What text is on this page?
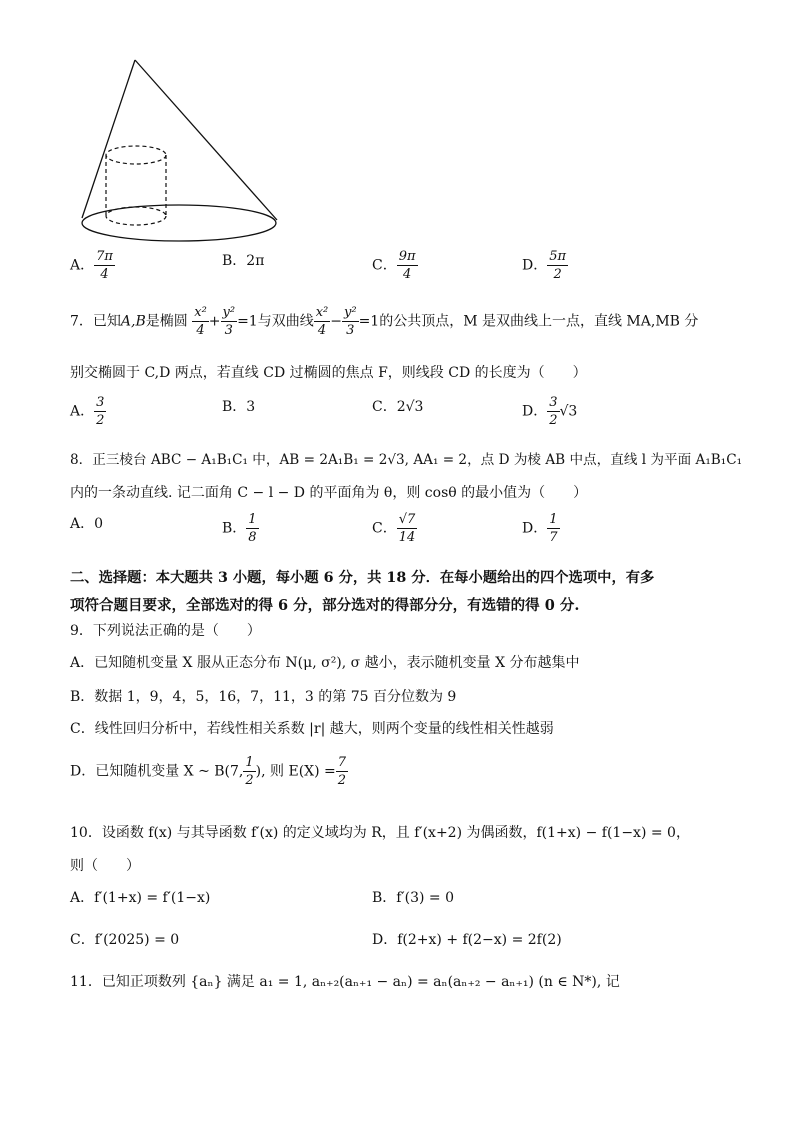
A． $\frac{7\pi}{4}$	B．2π	C． $\frac{9\pi}{4}$	D． $\frac{5\pi}{2}$
7．已知A,B是椭圆 $\frac{\text{x²}}{4} + \frac{\text{y²}}{3} =1$与双曲线 $\frac{\text{x²}}{4} - \frac{\text{y²}}{3} =1$的公共顶点，M 是双曲线上一点，直线 MA,MB 分
别交椭圆于 C,D 两点，若直线 CD 过椭圆的焦点 F，则线段 CD 的长度为（　　）
A． $\frac{3}{2}$	B．3	C．2√3	D． $\frac{3}{2} √3$
8．正三棱台 ABC − A₁B₁C₁ 中，AB = 2A₁B₁ = 2√3, AA₁ = 2，点 D 为棱 AB 中点，直线 l 为平面 A₁B₁C₁
内的一条动直线. 记二面角 C − l − D 的平面角为 θ，则 cosθ 的最小值为（　　）
A．0	B． $\frac{1}{8}$	C． $\frac{√7}{14}$	D． $\frac{1}{7}$
二、选择题：本大题共 3 小题，每小题 6 分，共 18 分．在每小题给出的四个选项中，有多
项符合题目要求，全部选对的得 6 分，部分选对的得部分分，有选错的得 0 分.
9．下列说法正确的是（　　）
A．已知随机变量 X 服从正态分布 N(μ, σ²), σ 越小，表示随机变量 X 分布越集中
B．数据 1，9，4，5，16，7，11，3 的第 75 百分位数为 9
C．线性回归分析中，若线性相关系数 |r| 越大，则两个变量的线性相关性越弱
D．已知随机变量 X ~ B(7, $\frac{1}{2}$ ), 则 $E(X) = \frac{7}{2}$
10．设函数 f(x) 与其导函数 f′(x) 的定义域均为 R，且 f′(x+2) 为偶函数，f(1+x) − f(1−x) = 0，
则（　　）
A．f′(1+x) = f′(1−x)	B．f′(3) = 0
C．f′(2025) = 0	D．f(2+x) + f(2−x) = 2f(2)
11．已知正项数列 {aₙ} 满足 a₁ = 1, aₙ₊₂(aₙ₊₁ − aₙ) = aₙ(aₙ₊₂ − aₙ₊₁) (n ∈ N*), 记
